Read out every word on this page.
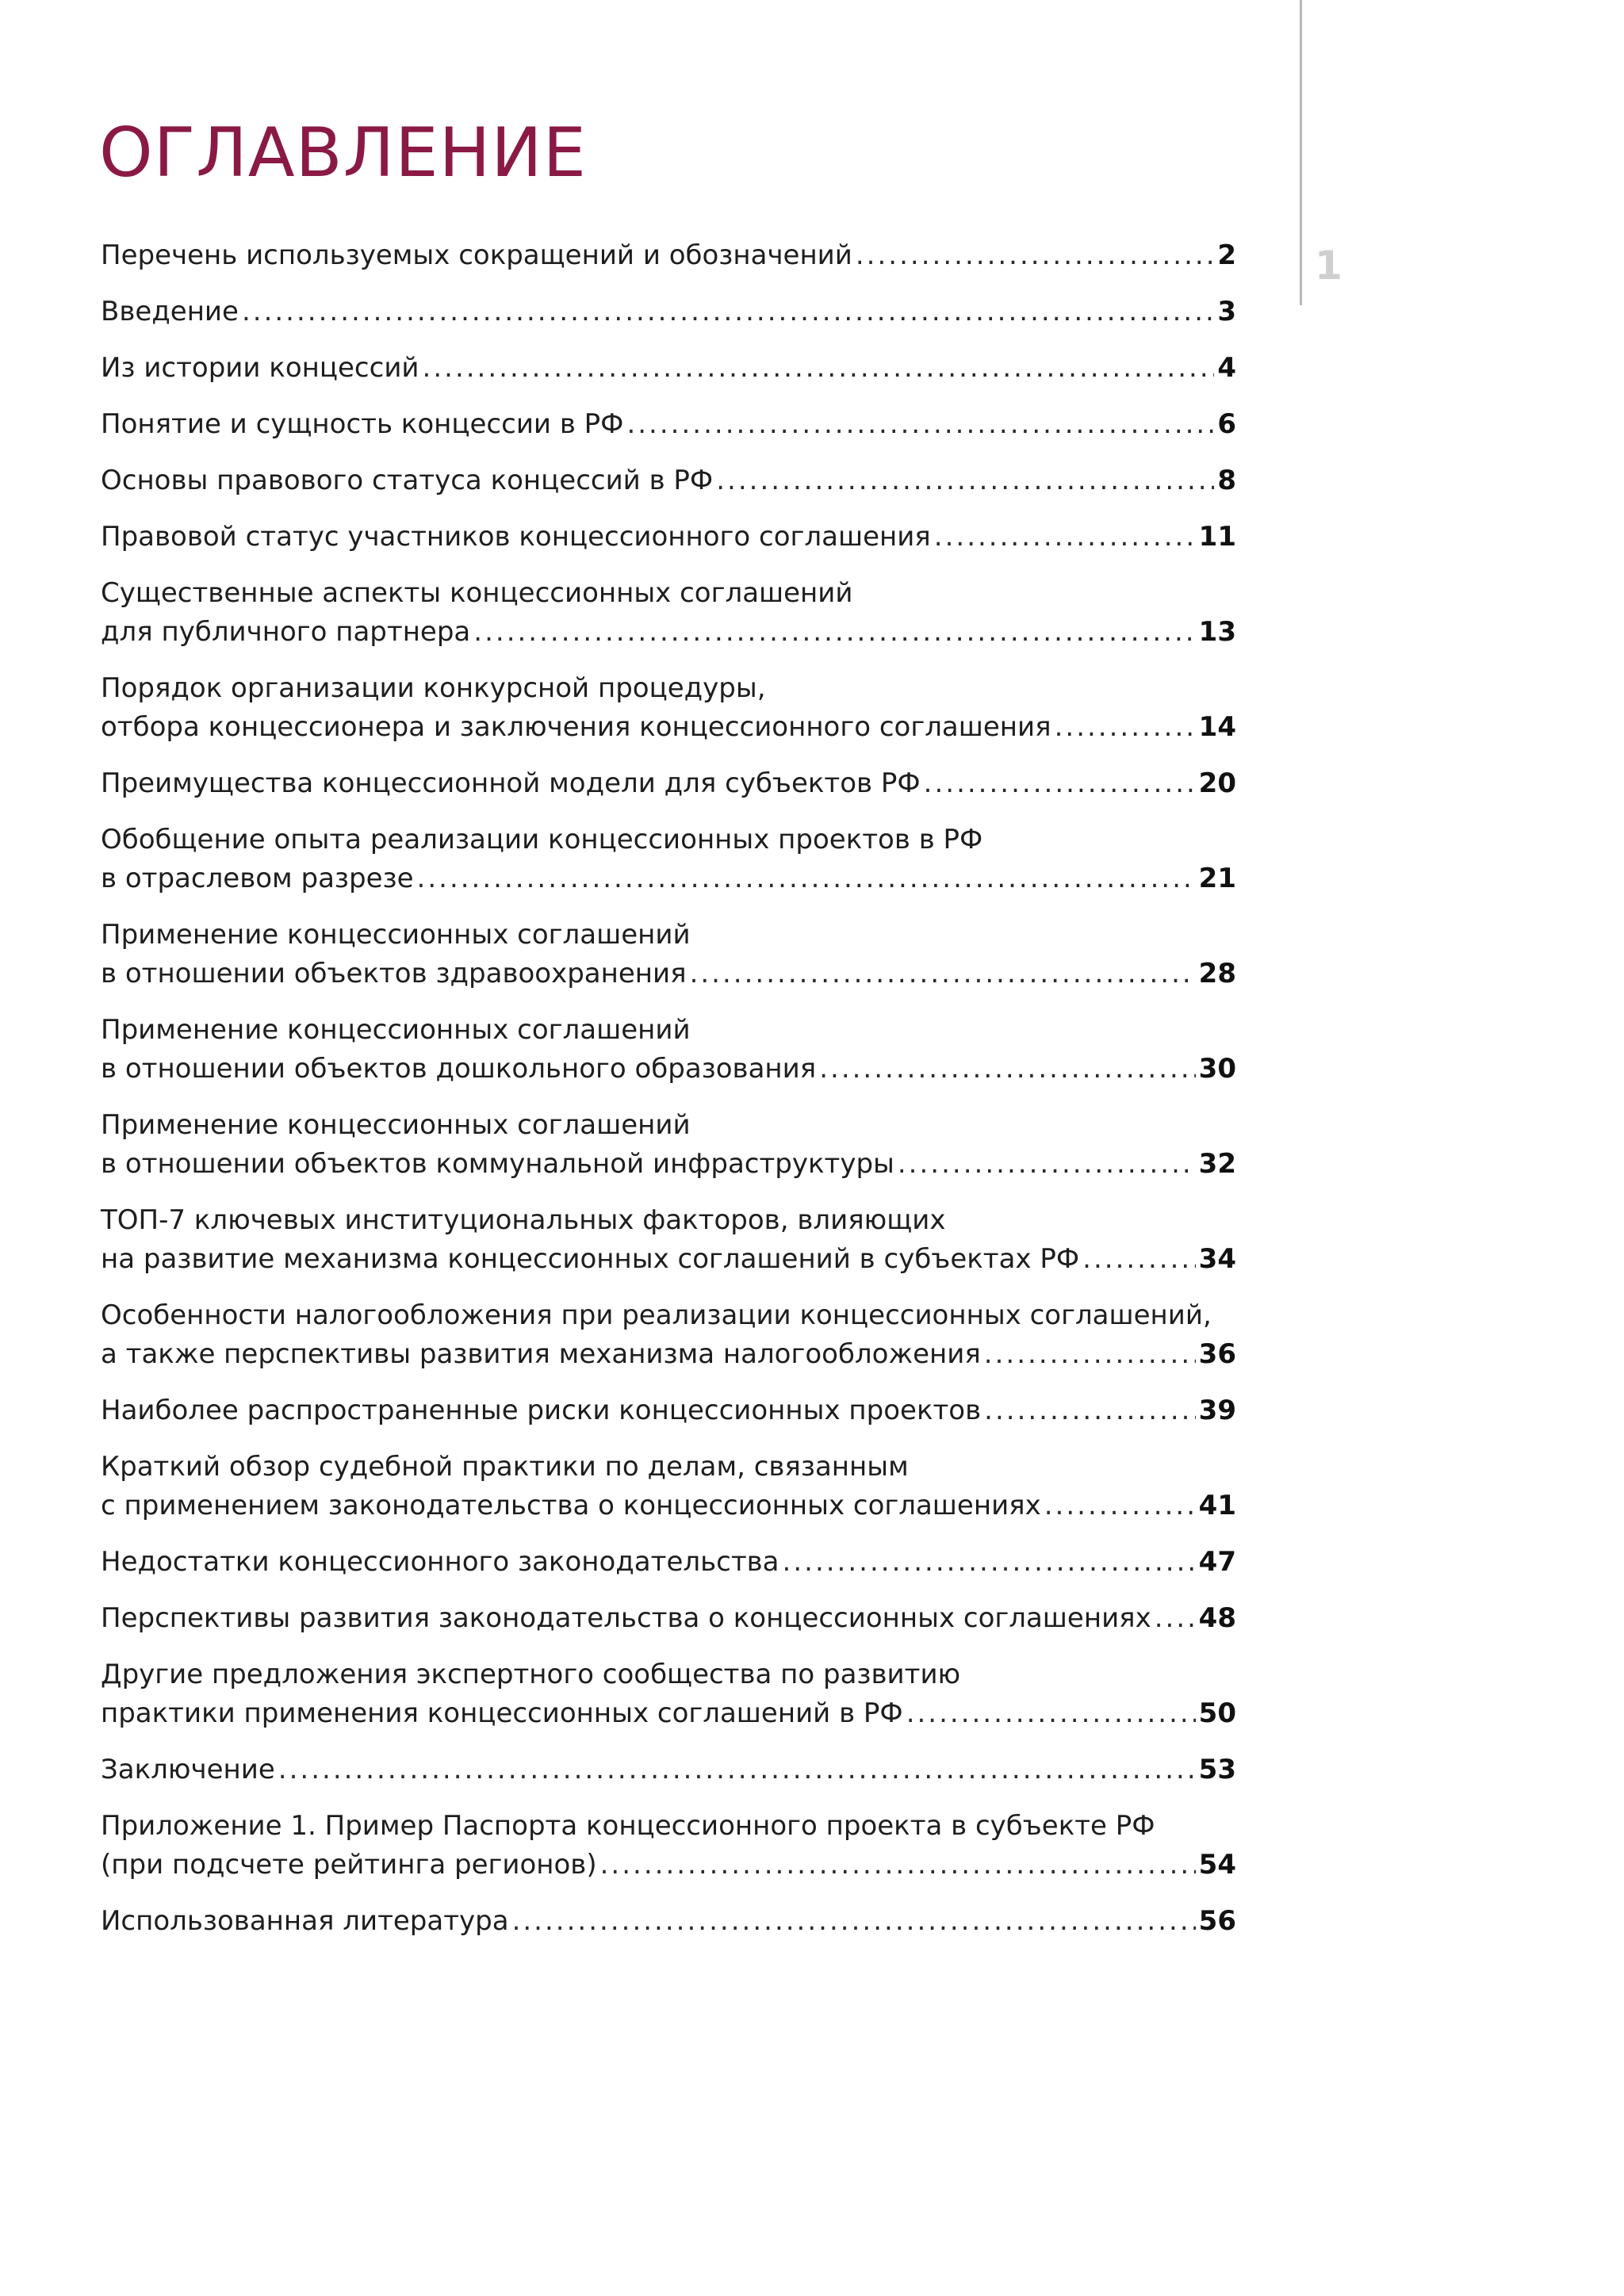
1
ОГЛАВЛЕНИЕ
Перечень используемых сокращений и обозначений .....	2
Введение .....	3
Из истории концессий .....	4
Понятие и сущность концессии в РФ .....	6
Основы правового статуса концессий в РФ .....	8
Правовой статус участников концессионного соглашения .....	11
Существенные аспекты концессионных соглашений
для публичного партнера .....	13
Порядок организации конкурсной процедуры,
отбора концессионера и заключения концессионного соглашения .....	14
Преимущества концессионной модели для субъектов РФ .....	20
Обобщение опыта реализации концессионных проектов в РФ
в отраслевом разрезе .....	21
Применение концессионных соглашений
в отношении объектов здравоохранения .....	28
Применение концессионных соглашений
в отношении объектов дошкольного образования .....	30
Применение концессионных соглашений
в отношении объектов коммунальной инфраструктуры .....	32
ТОП-7 ключевых институциональных факторов, влияющих
на развитие механизма концессионных соглашений в субъектах РФ .....	34
Особенности налогообложения при реализации концессионных соглашений,
а также перспективы развития механизма налогообложения .....	36
Наиболее распространенные риски концессионных проектов .....	39
Краткий обзор судебной практики по делам, связанным
с применением законодательства о концессионных соглашениях .....	41
Недостатки концессионного законодательства .....	47
Перспективы развития законодательства о концессионных соглашениях ..... 48
Другие предложения экспертного сообщества по развитию
практики применения концессионных соглашений в РФ .....	50
Заключение .....	53
Приложение 1. Пример Паспорта концессионного проекта в субъекте РФ
(при подсчете рейтинга регионов) .....	54
Использованная литература .....	56
